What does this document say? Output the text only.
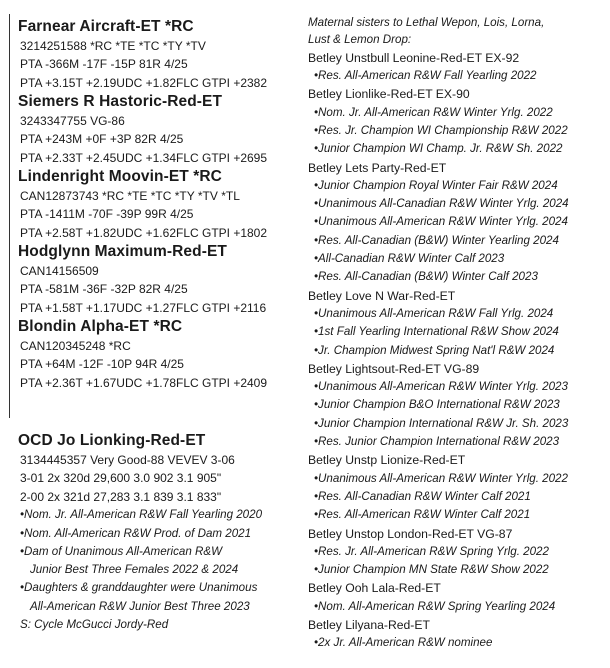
Farnear Aircraft-ET *RC
3214251588 *RC *TE *TC *TY *TV
PTA -366M -17F -15P 81R 4/25
PTA +3.15T +2.19UDC +1.82FLC GTPI +2382
Siemers R Hastoric-Red-ET
3243347755 VG-86
PTA +243M +0F +3P 82R 4/25
PTA +2.33T +2.45UDC +1.34FLC GTPI +2695
Lindenright Moovin-ET *RC
CAN12873743 *RC *TE *TC *TY *TV *TL
PTA -1411M -70F -39P 99R 4/25
PTA +2.58T +1.82UDC +1.62FLC GTPI +1802
Hodglynn Maximum-Red-ET
CAN14156509
PTA -581M -36F -32P 82R 4/25
PTA +1.58T +1.17UDC +1.27FLC GTPI +2116
Blondin Alpha-ET *RC
CAN120345248 *RC
PTA +64M -12F -10P 94R 4/25
PTA +2.36T +1.67UDC +1.78FLC GTPI +2409
OCD Jo Lionking-Red-ET
3134445357 Very Good-88 VEVEV 3-06
3-01 2x 320d 29,600 3.0 902 3.1 905"
2-00 2x 321d 27,283 3.1 839 3.1 833"
•Nom. Jr. All-American R&W Fall Yearling 2020
•Nom. All-American R&W Prod. of Dam 2021
•Dam of Unanimous All-American R&W
Junior Best Three Females 2022 & 2024
•Daughters & granddaughter were Unanimous
All-American R&W Junior Best Three 2023
S: Cycle McGucci Jordy-Red
Maternal sisters to Lethal Wepon, Lois, Lorna,
Lust & Lemon Drop:
Betley Unstbull Leonine-Red-ET EX-92
•Res. All-American R&W Fall Yearling 2022
Betley Lionlike-Red-ET EX-90
•Nom. Jr. All-American R&W Winter Yrlg. 2022
•Res. Jr. Champion WI Championship R&W 2022
•Junior Champion WI Champ. Jr. R&W Sh. 2022
Betley Lets Party-Red-ET
•Junior Champion Royal Winter Fair R&W 2024
•Unanimous All-Canadian R&W Winter Yrlg. 2024
•Unanimous All-American R&W Winter Yrlg. 2024
•Res. All-Canadian (B&W) Winter Yearling 2024
•All-Canadian R&W Winter Calf 2023
•Res. All-Canadian (B&W) Winter Calf 2023
Betley Love N War-Red-ET
•Unanimous All-American R&W Fall Yrlg. 2024
•1st Fall Yearling International R&W Show 2024
•Jr. Champion Midwest Spring Nat'l R&W 2024
Betley Lightsout-Red-ET VG-89
•Unanimous All-American R&W Winter Yrlg. 2023
•Junior Champion B&O International R&W 2023
•Junior Champion International R&W Jr. Sh. 2023
•Res. Junior Champion International R&W 2023
Betley Unstp Lionize-Red-ET
•Unanimous All-American R&W Winter Yrlg. 2022
•Res. All-Canadian R&W Winter Calf 2021
•Res. All-American R&W Winter Calf 2021
Betley Unstop London-Red-ET VG-87
•Res. Jr. All-American R&W Spring Yrlg. 2022
•Junior Champion MN State R&W Show 2022
Betley Ooh Lala-Red-ET
•Nom. All-American R&W Spring Yearling 2024
Betley Lilyana-Red-ET
•2x Jr. All-American R&W nominee
